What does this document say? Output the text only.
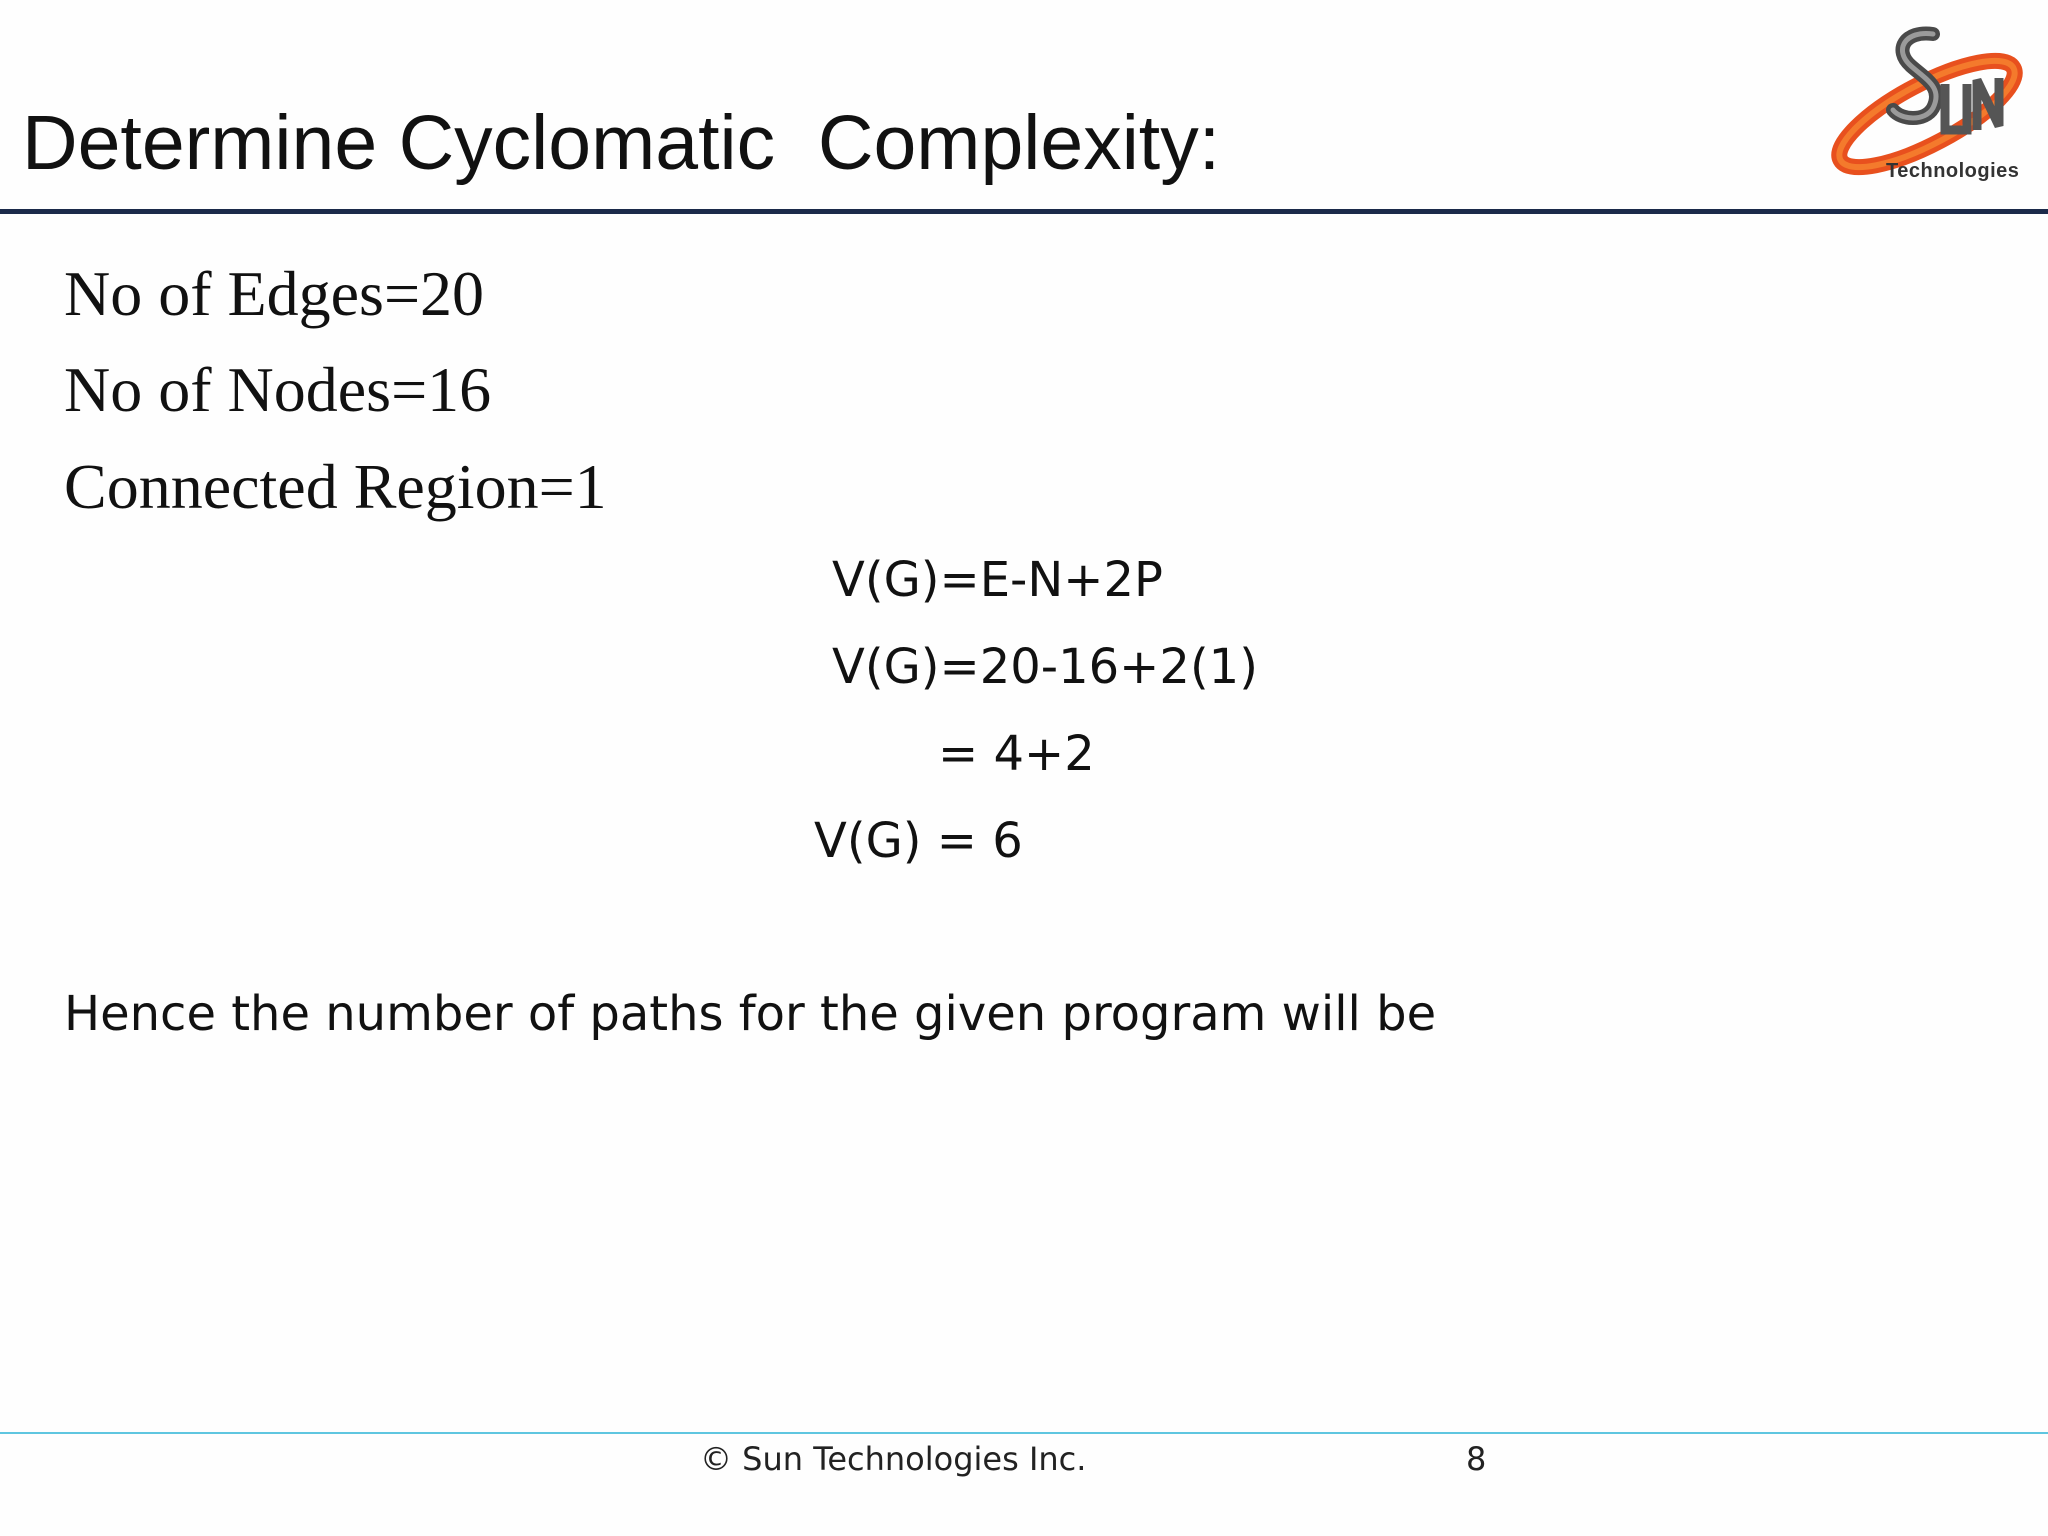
Determine Cyclomatic  Complexity:	Technologies
No of Edges=20
No of Nodes=16
Connected Region=1
V(G)=E-N+2P
V(G)=20-16+2(1)
= 4+2
V(G) = 6
Hence the number of paths for the given program will be
© Sun Technologies Inc.	8
